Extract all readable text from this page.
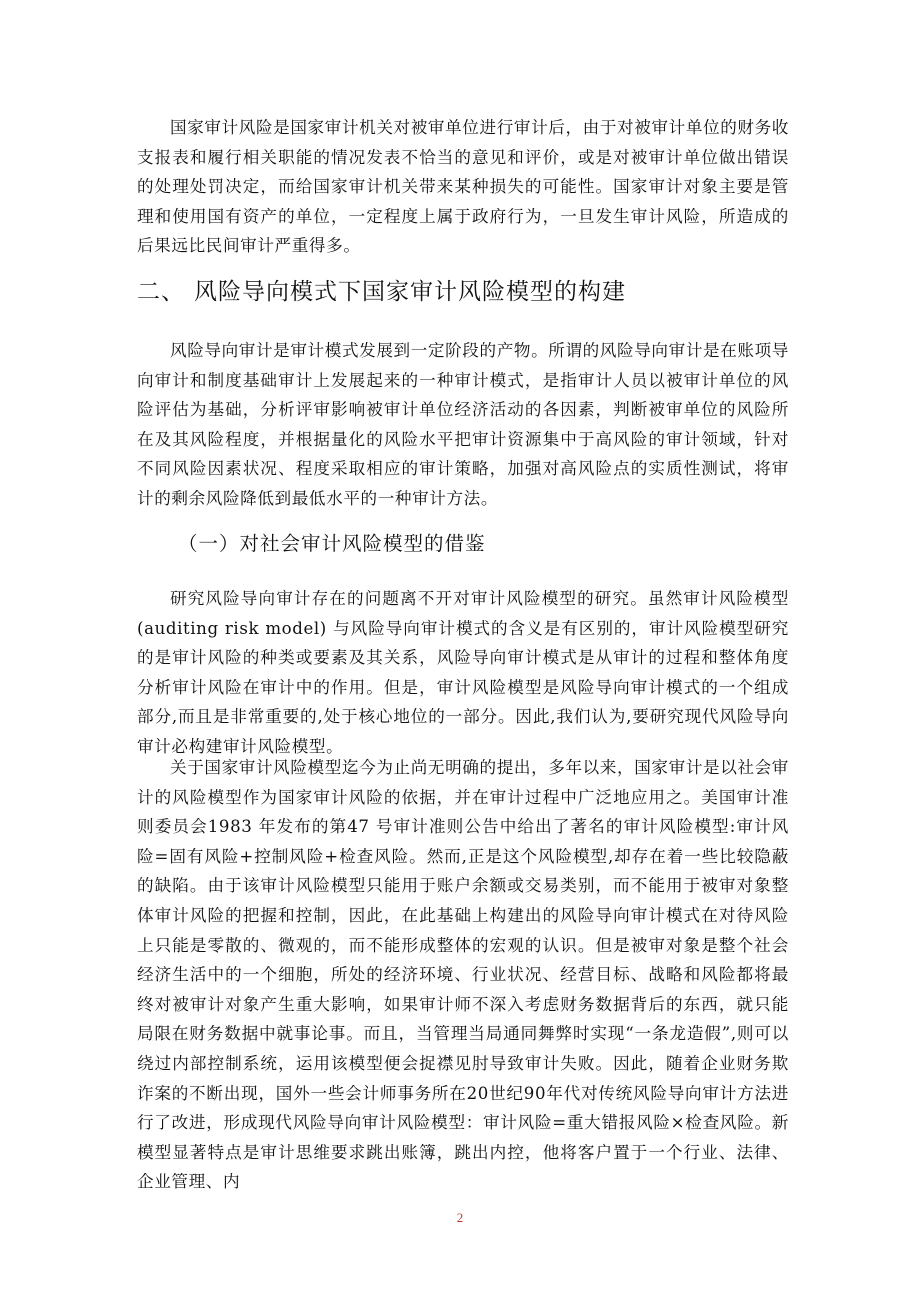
国家审计风险是国家审计机关对被审单位进行审计后，由于对被审计单位的财务收支报表和履行相关职能的情况发表不恰当的意见和评价，或是对被审计单位做出错误的处理处罚决定，而给国家审计机关带来某种损失的可能性。国家审计对象主要是管理和使用国有资产的单位，一定程度上属于政府行为，一旦发生审计风险，所造成的后果远比民间审计严重得多。

二、 风险导向模式下国家审计风险模型的构建

风险导向审计是审计模式发展到一定阶段的产物。所谓的风险导向审计是在账项导向审计和制度基础审计上发展起来的一种审计模式，是指审计人员以被审计单位的风险评估为基础，分析评审影响被审计单位经济活动的各因素，判断被审单位的风险所在及其风险程度，并根据量化的风险水平把审计资源集中于高风险的审计领域，针对不同风险因素状况、程度采取相应的审计策略，加强对高风险点的实质性测试，将审计的剩余风险降低到最低水平的一种审计方法。

（一）对社会审计风险模型的借鉴

研究风险导向审计存在的问题离不开对审计风险模型的研究。虽然审计风险模型(auditing risk model) 与风险导向审计模式的含义是有区别的，审计风险模型研究的是审计风险的种类或要素及其关系，风险导向审计模式是从审计的过程和整体角度分析审计风险在审计中的作用。但是，审计风险模型是风险导向审计模式的一个组成部分,而且是非常重要的,处于核心地位的一部分。因此,我们认为,要研究现代风险导向审计必构建审计风险模型。

关于国家审计风险模型迄今为止尚无明确的提出，多年以来，国家审计是以社会审计的风险模型作为国家审计风险的依据，并在审计过程中广泛地应用之。美国审计准则委员会1983 年发布的第47 号审计准则公告中给出了著名的审计风险模型:审计风险=固有风险+控制风险+检查风险。然而,正是这个风险模型,却存在着一些比较隐蔽的缺陷。由于该审计风险模型只能用于账户余额或交易类别，而不能用于被审对象整体审计风险的把握和控制，因此，在此基础上构建出的风险导向审计模式在对待风险上只能是零散的、微观的，而不能形成整体的宏观的认识。但是被审对象是整个社会经济生活中的一个细胞，所处的经济环境、行业状况、经营目标、战略和风险都将最终对被审计对象产生重大影响，如果审计师不深入考虑财务数据背后的东西，就只能局限在财务数据中就事论事。而且，当管理当局通同舞弊时实现“一条龙造假”,则可以绕过内部控制系统，运用该模型便会捉襟见肘导致审计失败。因此，随着企业财务欺诈案的不断出现，国外一些会计师事务所在20世纪90年代对传统风险导向审计方法进行了改进，形成现代风险导向审计风险模型：审计风险=重大错报风险×检查风险。新模型显著特点是审计思维要求跳出账簿，跳出内控，他将客户置于一个行业、法律、企业管理、内

2
